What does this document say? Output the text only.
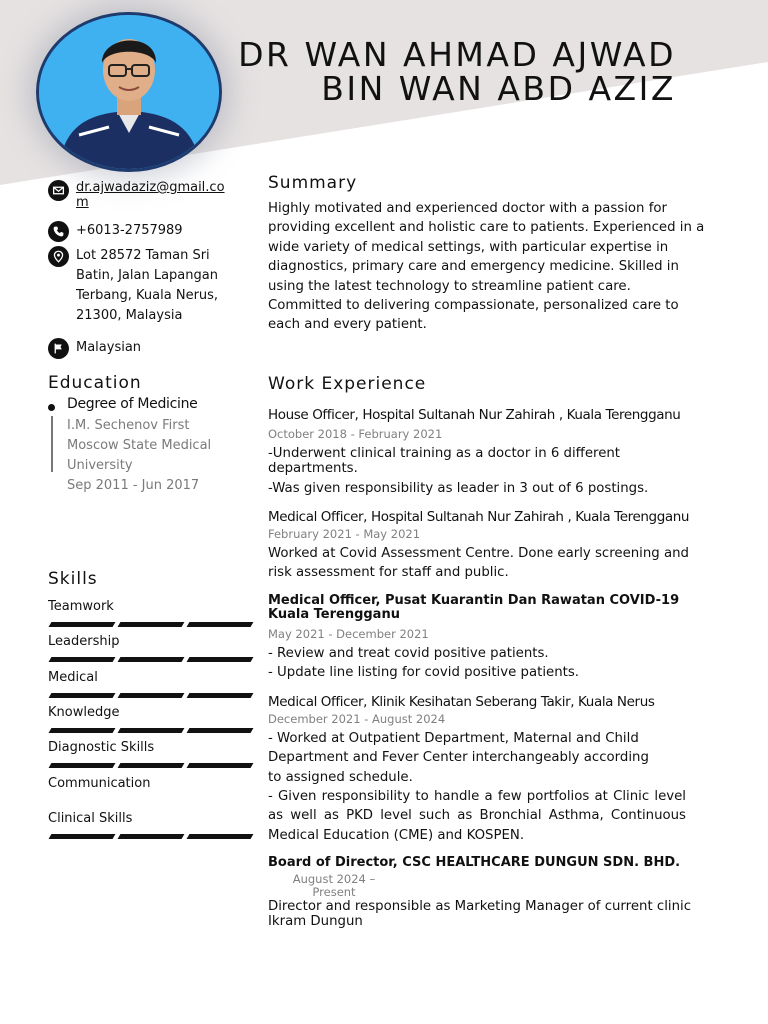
DR WAN AHMAD AJWAD
BIN WAN ABD AZIZ
dr.ajwadaziz@gmail.com
+6013-2757989
Lot 28572 Taman Sri Batin, Jalan Lapangan Terbang, Kuala Nerus, 21300, Malaysia
Malaysian
Education
Degree of Medicine
I.M. Sechenov First Moscow State Medical University
Sep 2011 - Jun 2017
Skills
Teamwork
Leadership
Medical
Knowledge
Diagnostic Skills
Communication
Clinical Skills
Summary
Highly motivated and experienced doctor with a passion for providing excellent and holistic care to patients. Experienced in a wide variety of medical settings, with particular expertise in diagnostics, primary care and emergency medicine. Skilled in using the latest technology to streamline patient care. Committed to delivering compassionate, personalized care to each and every patient.
Work Experience
House Officer, Hospital Sultanah Nur Zahirah , Kuala Terengganu
October 2018 - February 2021
-Underwent clinical training as a doctor in 6 different departments.
-Was given responsibility as leader in 3 out of 6 postings.
Medical Officer, Hospital Sultanah Nur Zahirah , Kuala Terengganu
February 2021 - May 2021
Worked at Covid Assessment Centre. Done early screening and risk assessment for staff and public.
Medical Officer, Pusat Kuarantin Dan Rawatan COVID-19 Kuala Terengganu
May 2021 - December 2021
- Review and treat covid positive patients.
- Update line listing for covid positive patients.
Medical Officer, Klinik Kesihatan Seberang Takir, Kuala Nerus
December 2021 - August 2024
- Worked at Outpatient Department, Maternal and Child Department and Fever Center interchangeably according to assigned schedule.
- Given responsibility to handle a few portfolios at Clinic level as well as PKD level such as Bronchial Asthma, Continuous Medical Education (CME) and KOSPEN.
Board of Director, CSC HEALTHCARE DUNGUN SDN. BHD.
August 2024 – Present
Director and responsible as Marketing Manager of current clinic Ikram Dungun
